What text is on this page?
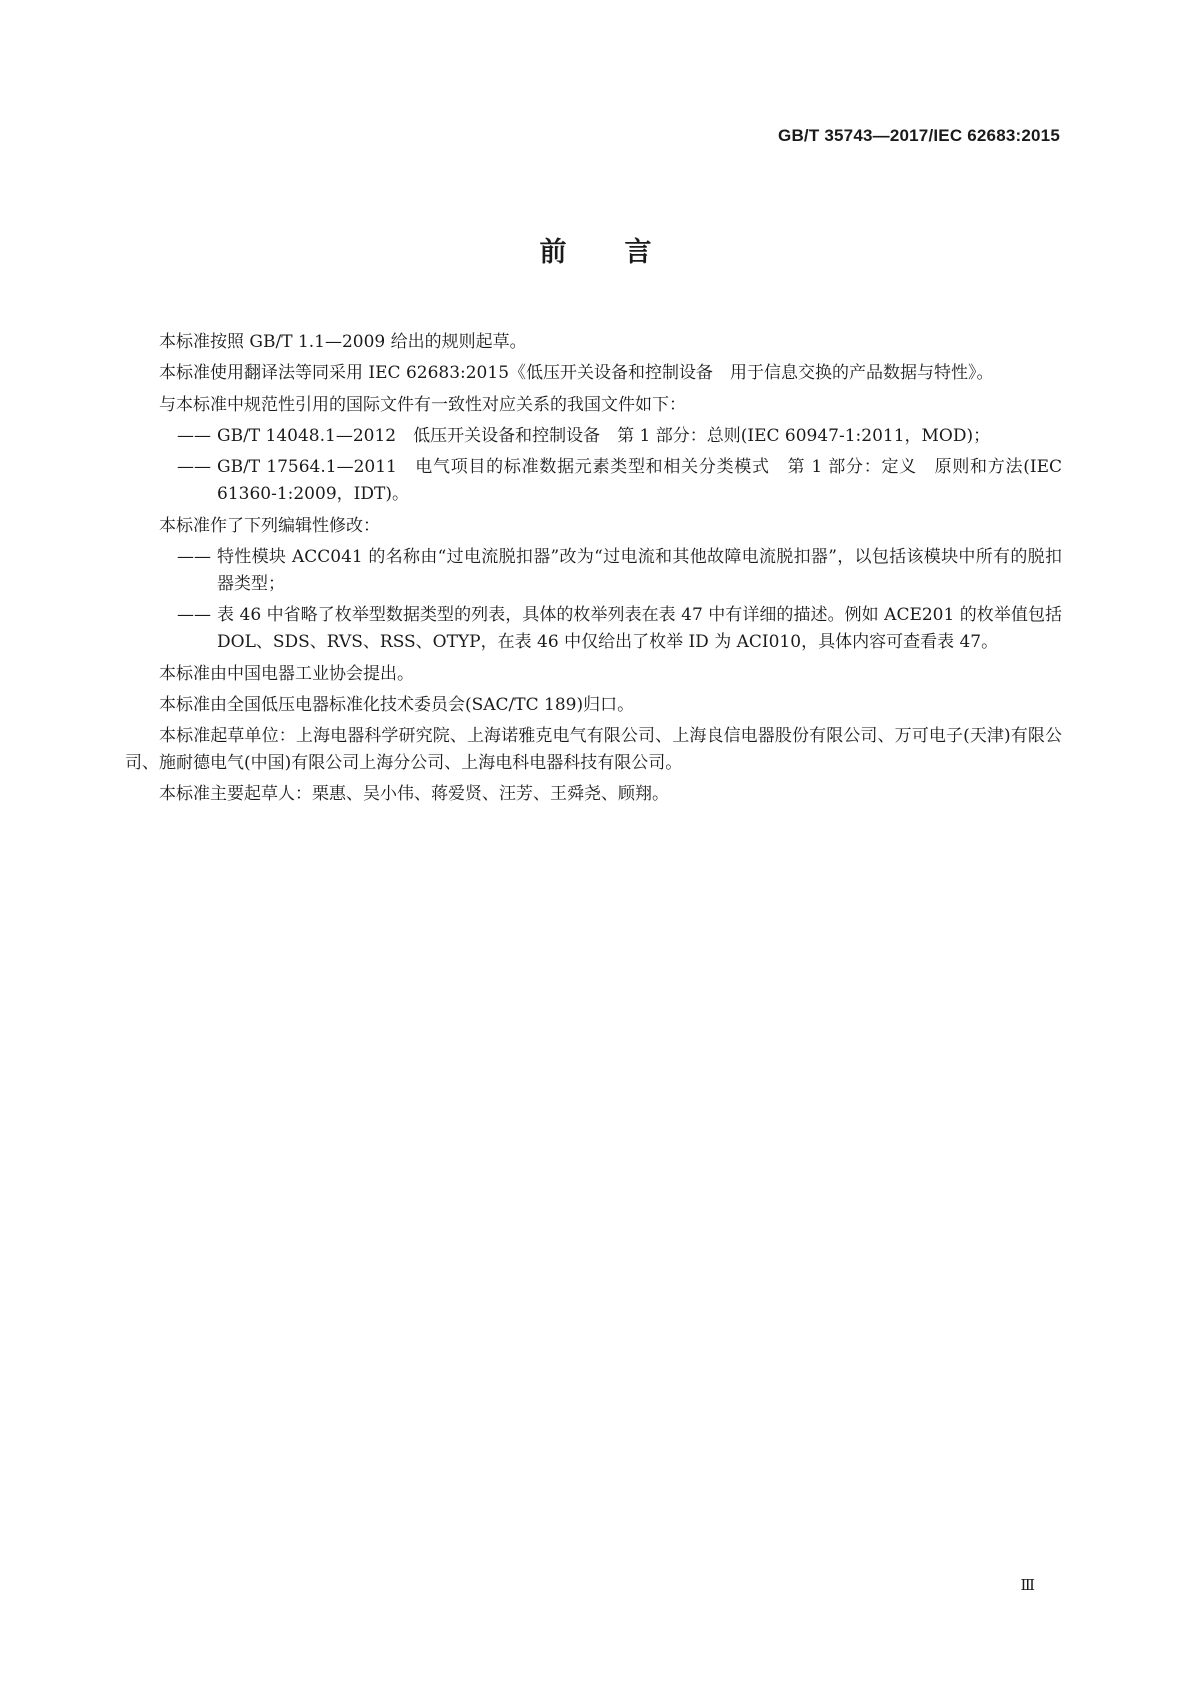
GB/T 35743—2017/IEC 62683:2015
前言

本标准按照 GB/T 1.1—2009 给出的规则起草。

本标准使用翻译法等同采用 IEC 62683:2015《低压开关设备和控制设备　用于信息交换的产品数据与特性》。

与本标准中规范性引用的国际文件有一致性对应关系的我国文件如下：

—— GB/T 14048.1—2012　低压开关设备和控制设备　第 1 部分：总则(IEC 60947-1:2011，MOD)；

—— GB/T 17564.1—2011　电气项目的标准数据元素类型和相关分类模式　第 1 部分：定义　原则和方法(IEC 61360-1:2009，IDT)。

本标准作了下列编辑性修改：

—— 特性模块 ACC041 的名称由“过电流脱扣器”改为“过电流和其他故障电流脱扣器”，以包括该模块中所有的脱扣器类型；

—— 表 46 中省略了枚举型数据类型的列表，具体的枚举列表在表 47 中有详细的描述。例如 ACE201 的枚举值包括 DOL、SDS、RVS、RSS、OTYP，在表 46 中仅给出了枚举 ID 为 ACI010，具体内容可查看表 47。

本标准由中国电器工业协会提出。

本标准由全国低压电器标准化技术委员会(SAC/TC 189)归口。

本标准起草单位：上海电器科学研究院、上海诺雅克电气有限公司、上海良信电器股份有限公司、万可电子(天津)有限公司、施耐德电气(中国)有限公司上海分公司、上海电科电器科技有限公司。

本标准主要起草人：栗惠、吴小伟、蒋爱贤、汪芳、王舜尧、顾翔。

Ⅲ
